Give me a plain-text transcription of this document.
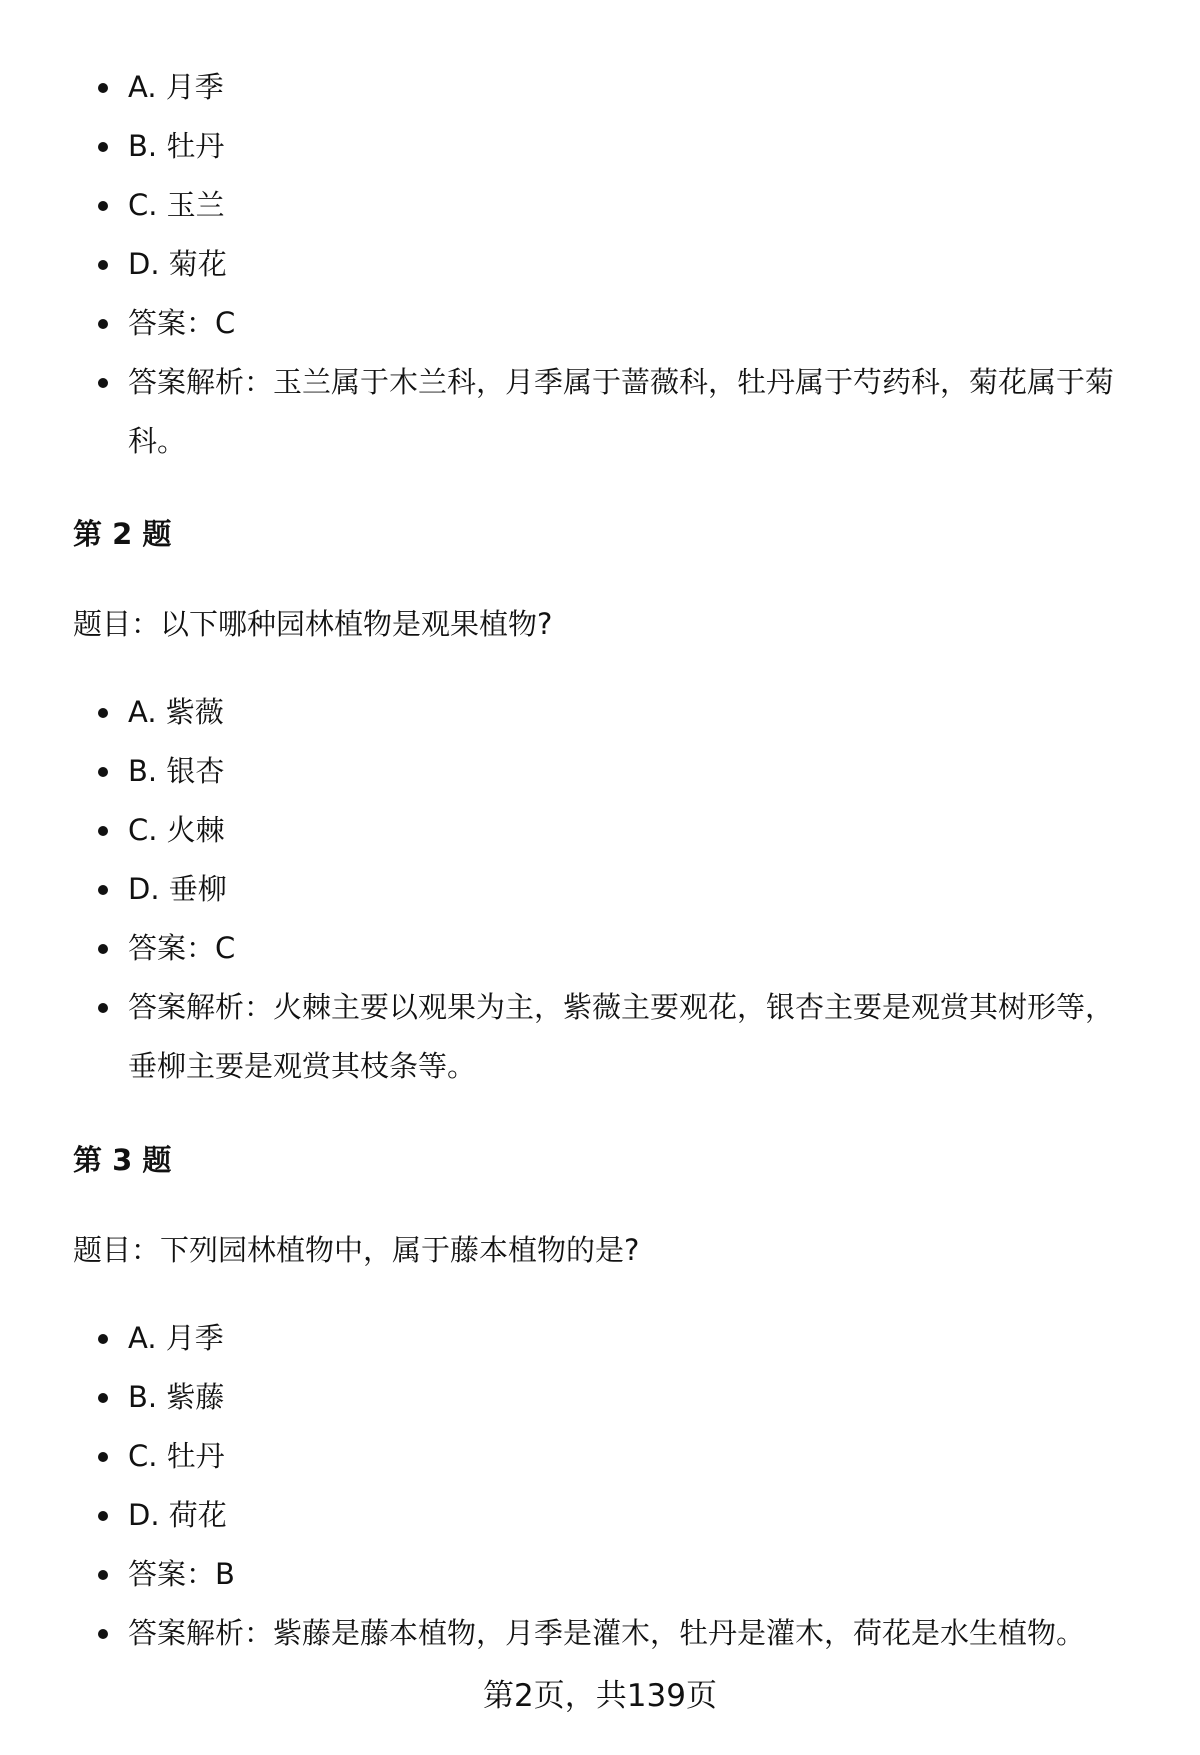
A. 月季
B. 牡丹
C. 玉兰
D. 菊花
答案：C
答案解析：玉兰属于木兰科，月季属于蔷薇科，牡丹属于芍药科，菊花属于菊科。
第 2 题
题目：以下哪种园林植物是观果植物?
A. 紫薇
B. 银杏
C. 火棘
D. 垂柳
答案：C
答案解析：火棘主要以观果为主，紫薇主要观花，银杏主要是观赏其树形等，垂柳主要是观赏其枝条等。
第 3 题
题目：下列园林植物中，属于藤本植物的是?
A. 月季
B. 紫藤
C. 牡丹
D. 荷花
答案：B
答案解析：紫藤是藤本植物，月季是灌木，牡丹是灌木，荷花是水生植物。
第2页，共139页
